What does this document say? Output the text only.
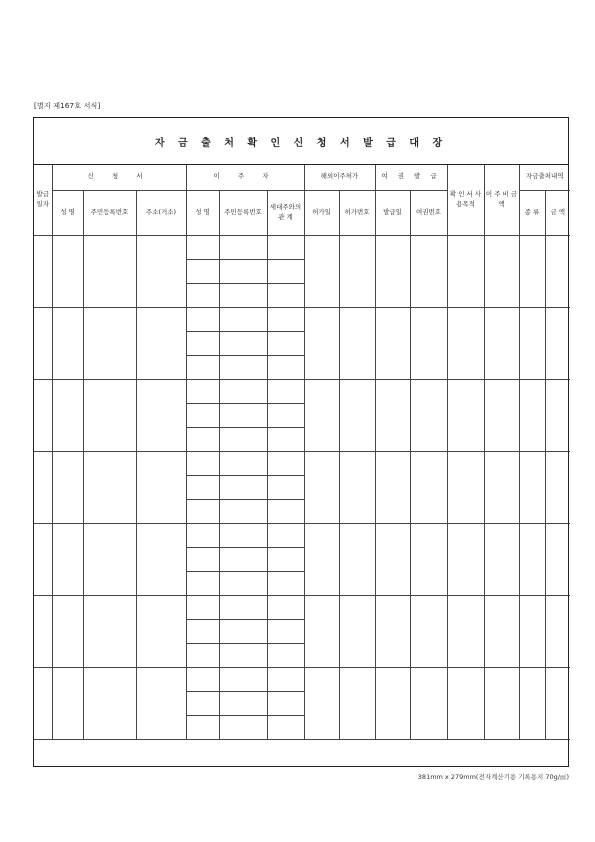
[별지 제167호 서식]
자 금 출 처 확 인 신 청 서 발 급 대 장
발급 일자	신 청 서			이 주 자			해외이주허가		여 권 발 급		확 인 서 사용목적	이 주 비 금 액	자금출처내역	
	성 명	주민등록번호	주소(거소)	성 명	주민등록번호	세대주와의 관 계	허가일	허가번호	발급일	여권번호			종 류	금 액

381mm x 279mm(전자계산기용 기록용지 70g/㎡)
